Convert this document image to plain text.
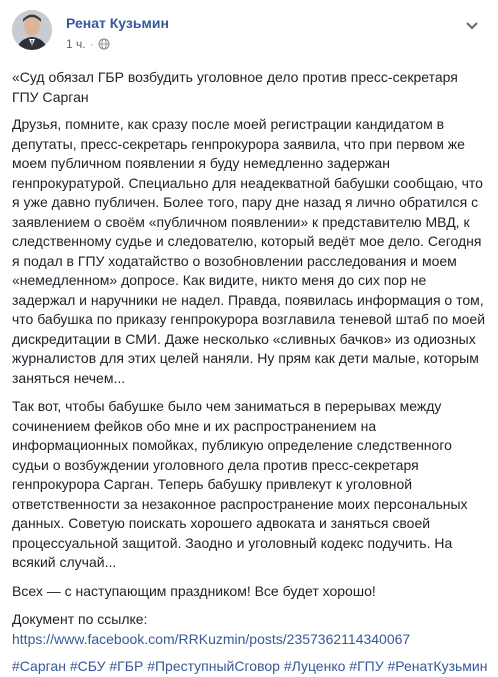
Ренат Кузьмин
1 ч. ·

«Суд обязал ГБР возбудить уголовное дело против пресс-секретаря
ГПУ Сарган

Друзья, помните, как сразу после моей регистрации кандидатом в
депутаты, пресс-секретарь генпрокурора заявила, что при первом же
моем публичном появлении я буду немедленно задержан
генпрокуратурой. Специально для неадекватной бабушки сообщаю, что
я уже давно публичен. Более того, пару дне назад я лично обратился с
заявлением о своём «публичном появлении» к представителю МВД, к
следственному судье и следователю, который ведёт мое дело. Сегодня
я подал в ГПУ ходатайство о возобновлении расследования и моем
«немедленном» допросе. Как видите, никто меня до сих пор не
задержал и наручники не надел. Правда, появилась информация о том,
что бабушка по приказу генпрокурора возглавила теневой штаб по моей
дискредитации в СМИ. Даже несколько «сливных бачков» из одиозных
журналистов для этих целей наняли. Ну прям как дети малые, которым
заняться нечем...

Так вот, чтобы бабушке было чем заниматься в перерывах между
сочинением фейков обо мне и их распространением на
информационных помойках, публикую определение следственного
судьи о возбуждении уголовного дела против пресс-секретаря
генпрокурора Сарган. Теперь бабушку привлекут к уголовной
ответственности за незаконное распространение моих персональных
данных. Советую поискать хорошего адвоката и заняться своей
процессуальной защитой. Заодно и уголовный кодекс подучить. На
всякий случай...

Всех — с наступающим праздником! Все будет хорошо!

Документ по ссылке:
https://www.facebook.com/RRKuzmin/posts/2357362114340067
#Сарган #СБУ #ГБР #ПреступныйСговор #Луценко #ГПУ #РенатКузьмин
